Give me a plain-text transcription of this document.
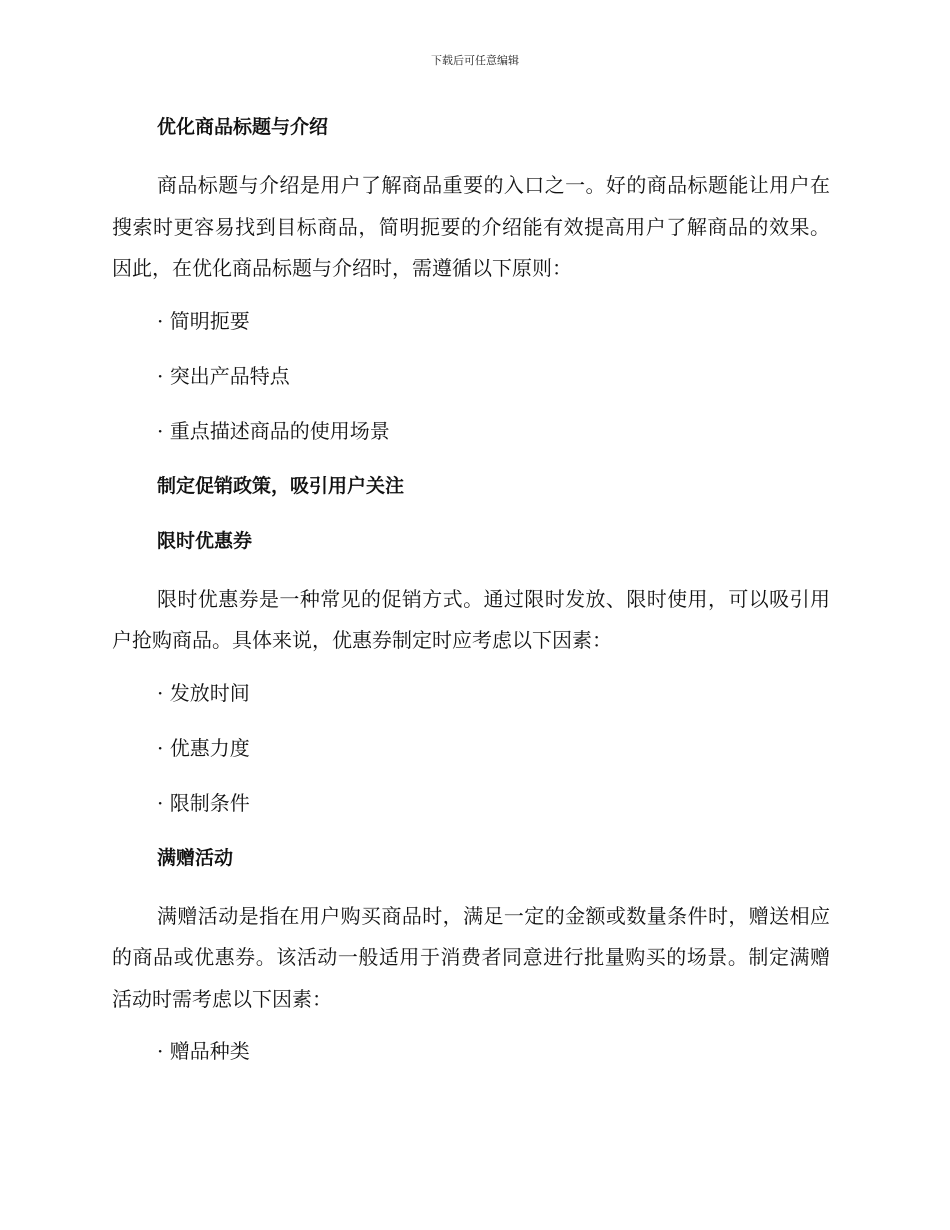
下载后可任意编辑
优化商品标题与介绍

商品标题与介绍是用户了解商品重要的入口之一。好的商品标题能让用户在搜索时更容易找到目标商品，简明扼要的介绍能有效提高用户了解商品的效果。因此，在优化商品标题与介绍时，需遵循以下原则：

· 简明扼要
· 突出产品特点
· 重点描述商品的使用场景
制定促销政策，吸引用户关注
限时优惠券

限时优惠券是一种常见的促销方式。通过限时发放、限时使用，可以吸引用户抢购商品。具体来说，优惠券制定时应考虑以下因素：

· 发放时间
· 优惠力度
· 限制条件
满赠活动

满赠活动是指在用户购买商品时，满足一定的金额或数量条件时，赠送相应的商品或优惠券。该活动一般适用于消费者同意进行批量购买的场景。制定满赠活动时需考虑以下因素：

· 赠品种类
